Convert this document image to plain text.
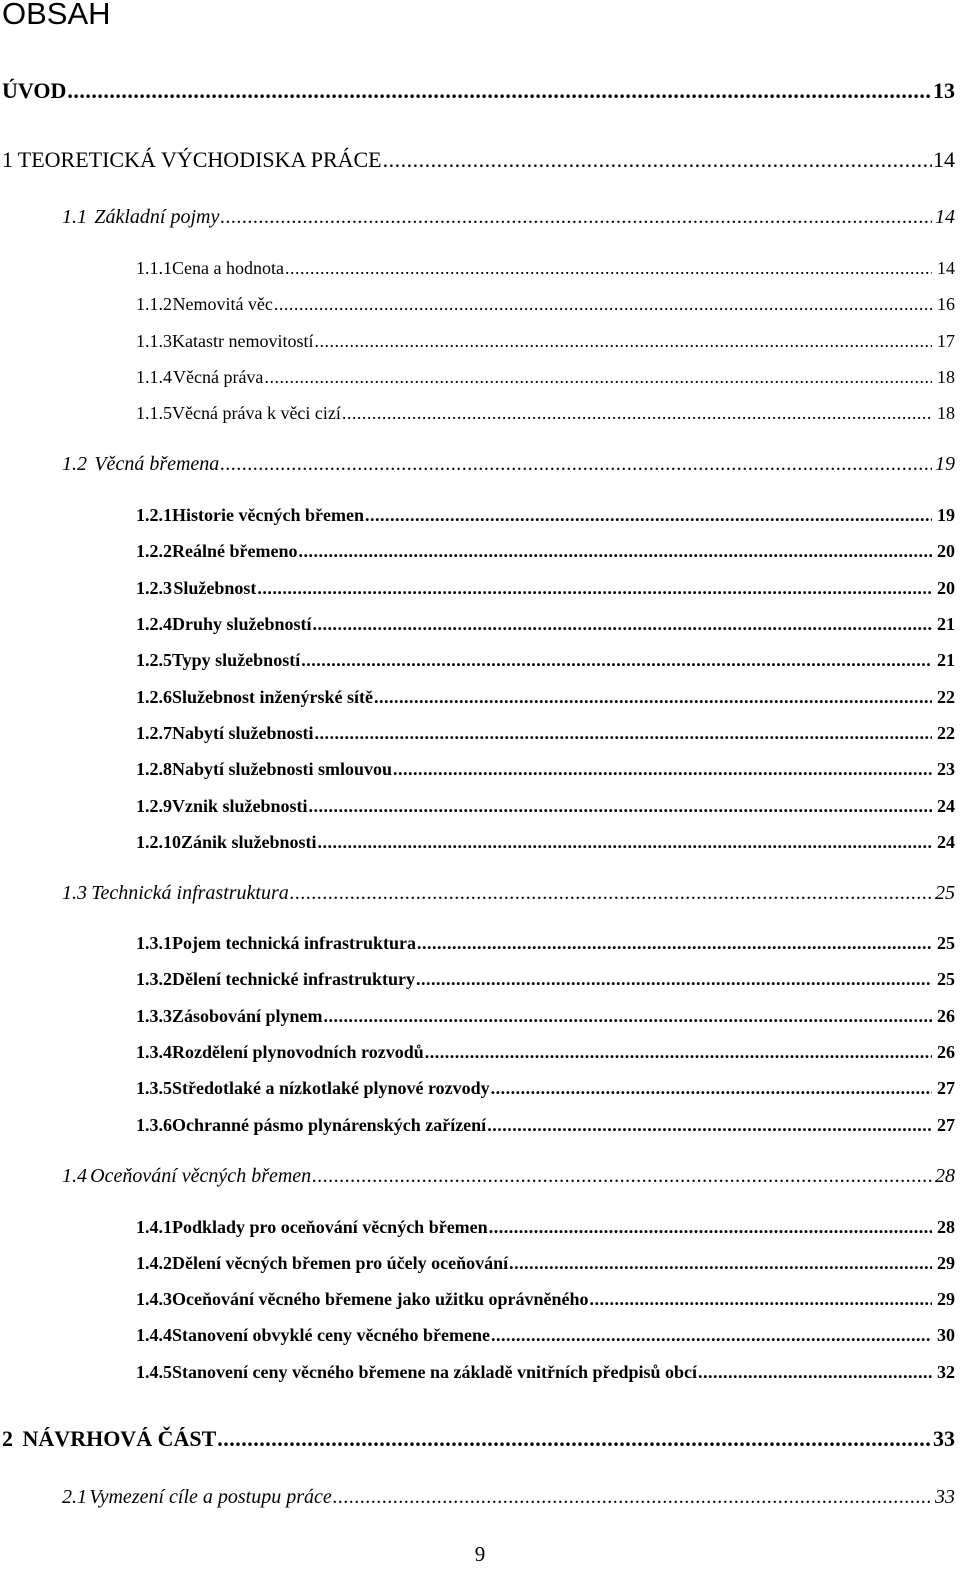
OBSAH
ÚVOD .....	13
1 TEORETICKÁ VÝCHODISKA PRÁCE .....	14
1.1 Základní pojmy .....	14
1.1.1 Cena a hodnota .....	14
1.1.2 Nemovitá věc .....	16
1.1.3 Katastr nemovitostí .....	17
1.1.4 Věcná práva .....	18
1.1.5 Věcná práva k věci cizí .....	18
1.2 Věcná břemena .....	19
1.2.1 Historie věcných břemen .....	19
1.2.2 Reálné břemeno .....	20
1.2.3 Služebnost .....	20
1.2.4 Druhy služebností .....	21
1.2.5 Typy služebností .....	21
1.2.6 Služebnost inženýrské sítě .....	22
1.2.7 Nabytí služebnosti .....	22
1.2.8 Nabytí služebnosti smlouvou .....	23
1.2.9 Vznik služebnosti .....	24
1.2.10 Zánik služebnosti .....	24
1.3 Technická infrastruktura .....	25
1.3.1 Pojem technická infrastruktura .....	25
1.3.2 Dělení technické infrastruktury .....	25
1.3.3 Zásobování plynem .....	26
1.3.4 Rozdělení plynovodních rozvodů .....	26
1.3.5 Středotlaké a nízkotlaké plynové rozvody .....	27
1.3.6 Ochranné pásmo plynárenských zařízení .....	27
1.4 Oceňování věcných břemen .....	28
1.4.1 Podklady pro oceňování věcných břemen .....	28
1.4.2 Dělení věcných břemen pro účely oceňování .....	29
1.4.3 Oceňování věcného břemene jako užitku oprávněného .....	29
1.4.4 Stanovení obvyklé ceny věcného břemene .....	30
1.4.5 Stanovení ceny věcného břemene na základě vnitřních předpisů obcí .....	32
2 NÁVRHOVÁ ČÁST .....	33
2.1 Vymezení cíle a postupu práce .....	33
9
